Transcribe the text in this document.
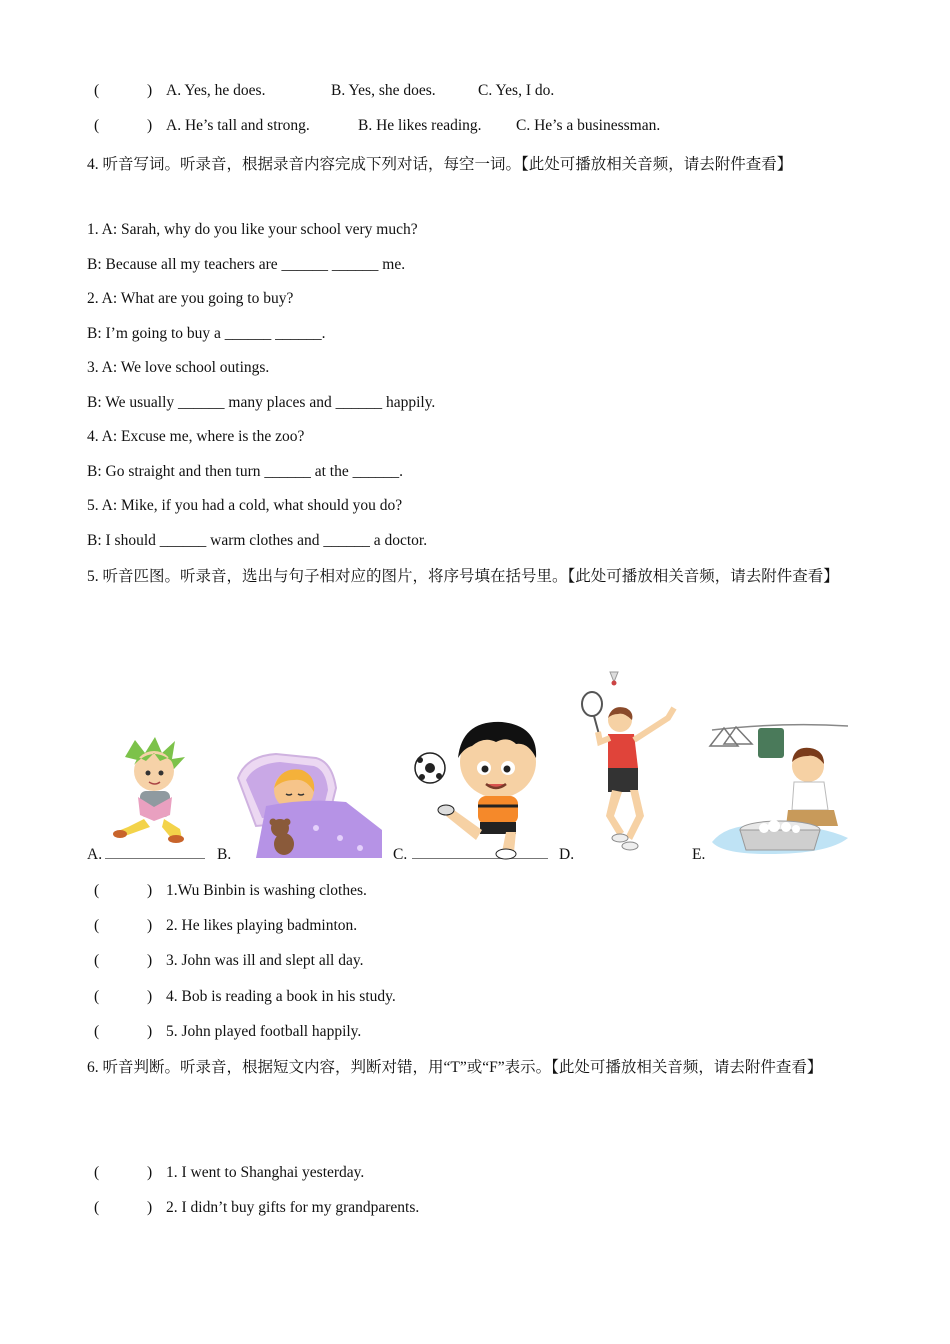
(	) A. Yes, he does.	B. Yes, she does.	C. Yes, I do.
(	) A. He’s tall and strong.	B. He likes reading. C. He’s a businessman.
4. 听音写词。听录音，根据录音内容完成下列对话，每空一词。【此处可播放相关音频，请去附件查看】
1. A: Sarah, why do you like your school very much?
B: Because all my teachers are ______ ______ me.
2. A: What are you going to buy?
B: I’m going to buy a ______ ______.
3. A: We love school outings.
B: We usually ______ many places and ______ happily.
4. A: Excuse me, where is the zoo?
B: Go straight and then turn ______ at the ______.
5. A: Mike, if you had a cold, what should you do?
B: I should ______ warm clothes and ______ a doctor.
5. 听音匹图。听录音，选出与句子相对应的图片，将序号填在括号里。【此处可播放相关音频，请去附件查看】
A.	B.	C.	D.	E.
(	) 1.Wu Binbin is washing clothes.
(	) 2. He likes playing badminton.
(	) 3. John was ill and slept all day.
(	) 4. Bob is reading a book in his study.
(	) 5. John played football happily.
6. 听音判断。听录音，根据短文内容，判断对错，用“T”或“F”表示。【此处可播放相关音频，请去附件查看】
(	) 1. I went to Shanghai yesterday.
(	) 2. I didn’t buy gifts for my grandparents.
